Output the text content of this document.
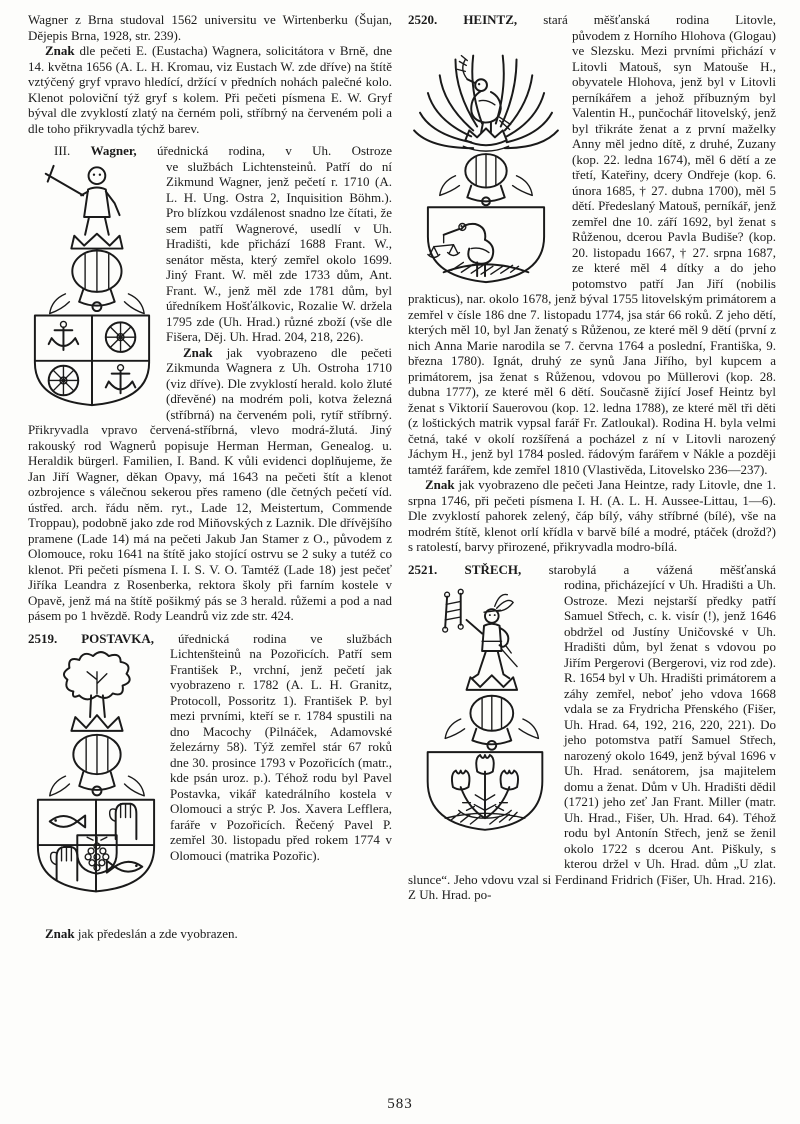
Wagner z Brna studoval 1562 universitu ve Wirtenberku (Šujan, Dějepis Brna, 1928, str. 239).

Znak dle pečeti E. (Eustacha) Wagnera, solicitátora v Brně, dne 14. května 1656 (A. L. H. Kromau, viz Eustach W. zde dříve) na štítě vztýčený gryf vpravo hledící, držící v předních nohách palečné kolo. Klenot poloviční týž gryf s kolem. Při pečeti písmena E. W. Gryf býval dle zvyklostí zlatý na černém poli, stříbrný na červeném poli a dle toho přikryvadla týchž barev.

III. Wagner, úřednická rodina, v Uh. Ostroze

ve službách Lichtensteinů. Patří do ní Zikmund Wagner, jenž pečetí r. 1710 (A. L. H. Ung. Ostra 2, Inquisition Böhm.). Pro blízkou vzdálenost snadno lze čítati, že sem patří Wagnerové, usedlí v Uh. Hradišti, kde přichází 1688 Frant. W., senátor města, který zemřel okolo 1699. Jiný Frant. W. měl zde 1733 dům, Ant. Frant. W., jenž měl zde 1781 dům, byl úředníkem Hošťálkovic, Rozalie W. držela 1795 zde (Uh. Hrad.) různé zboží (vše dle Fišera, Děj. Uh. Hrad. 204, 218, 226).

Znak jak vyobrazeno dle pečeti Zikmunda Wagnera z Uh. Ostroha 1710 (viz dříve). Dle zvyklostí herald. kolo žluté (dřevěné) na modrém poli, kotva železná (stříbrná) na červeném poli, rytíř stříbrný. Přikryvadla vpravo červená-stříbrná, vlevo modrá-žlutá. Jiný rakouský rod Wagnerů popisuje Herman Herman, Genealog. u. Heraldik bürgerl. Familien, I. Band. K vůli evidenci doplňujeme, že Jan Jiří Wagner, děkan Opavy, má 1643 na pečeti štít a klenot ozbrojence s válečnou sekerou přes rameno (dle četných pečetí víd. ústřed. arch. řádu něm. ryt., Lade 12, Meistertum, Commende Troppau), podobně jako zde rod Miňovských z Laznik. Dle dřívějšího pramene (Lade 14) má na pečeti Jakub Jan Stamer z O., původem z Olomouce, roku 1641 na štítě jako stojící ostrvu se 2 suky a tutéž co klenot. Při pečeti písmena I. I. S. V. O. Tamtéž (Lade 18) jest pečeť Jiříka Leandra z Rosenberka, rektora školy při farním kostele v Opavě, jenž má na štítě pošikmý pás se 3 herald. růžemi a pod a nad pásem po 1 hvězdě. Rody Leandrů viz zde str. 424.

2519. POSTAVKA, úřednická rodina ve službách

Lichtenšteinů na Pozořicích. Patří sem František P., vrchní, jenž pečetí jak vyobrazeno r. 1782 (A. L. H. Granitz, Protocoll, Possoritz 1). František P. byl mezi prvními, kteří se r. 1784 spustili na dno Macochy (Pilnáček, Adamovské železárny 58). Týž zemřel stár 67 roků dne 30. prosince 1793 v Pozořicích (matr., kde psán uroz. p.). Téhož rodu byl Pavel Postavka, vikář katedrálního kostela v Olomouci a strýc P. Jos. Xavera Lefflera, faráře v Pozořicích. Řečený Pavel P. zemřel 30. listopadu před rokem 1774 v Olomouci (matrika Pozořic).

Znak jak předeslán a zde vyobrazen.

2520. HEINTZ, stará měšťanská rodina Litovle,

původem z Horního Hlohova (Glogau) ve Slezsku. Mezi prvními přichází v Litovli Matouš, syn Matouše H., obyvatele Hlohova, jenž byl v Litovli perníkářem a jehož příbuzným byl Valentin H., punčochář litovelský, jenž byl třikráte ženat a z první maželky Anny měl jedno dítě, z druhé, Zuzany (kop. 22. ledna 1674), měl 6 dětí a ze třetí, Kateřiny, dcery Ondřeje (kop. 6. února 1685, † 27. dubna 1700), měl 5 dětí. Předeslaný Matouš, perníkář, jenž zemřel dne 10. září 1692, byl ženat s Růženou, dcerou Pavla Budiše? (kop. 20. listopadu 1667, † 27. srpna 1687, ze které měl 4 dítky a do jeho potomstvo patří Jan Jiří (nobilis prakticus), nar. okolo 1678, jenž býval 1755 litovelským primátorem a zemřel v čísle 186 dne 7. listopadu 1774, jsa stár 66 roků. Z jeho dětí, kterých měl 10, byl Jan ženatý s Růženou, ze které měl 9 dětí (první z nich Anna Marie narodila se 7. června 1764 a poslední, Františka, 9. března 1780). Ignát, druhý ze synů Jana Jiřího, byl kupcem a primátorem, jsa ženat s Růženou, vdovou po Müllerovi (kop. 28. dubna 1777), ze které měl 6 dětí. Současně žijící Josef Heintz byl ženat s Viktorií Sauerovou (kop. 12. ledna 1788), ze které měl tři děti (z loštických matrik vypsal farář Fr. Zatloukal). Rodina H. byla velmi četná, také v okolí rozšířená a pocházel z ní v Litovli narozený Jáchym H., jenž byl 1784 posled. řádovým farářem v Nákle a později tamtéž farářem, kde zemřel 1810 (Vlastivěda, Litovelsko 236—237).

Znak jak vyobrazeno dle pečeti Jana Heintze, rady Litovle, dne 1. srpna 1746, při pečeti písmena I. H. (A. L. H. Aussee-Littau, 1—6). Dle zvyklostí pahorek zelený, čáp bílý, váhy stříbrné (bílé), vše na modrém štítě, klenot orlí křídla v barvě bílé a modré, ptáček (drožd?) s ratolestí, barvy přirozené, přikryvadla modro-bílá.

2521. STŘECH, starobylá a vážená měšťanská

rodina, přicházející v Uh. Hradišti a Uh. Ostroze. Mezi nejstarší předky patří Samuel Střech, c. k. visír (!), jenž 1646 obdržel od Justíny Uničovské v Uh. Hradišti dům, byl ženat s vdovou po Jiřím Pergerovi (Bergerovi, viz rod zde). R. 1654 byl v Uh. Hradišti primátorem a záhy zemřel, neboť jeho vdova 1668 vdala se za Frydricha Přenského (Fišer, Uh. Hrad. 64, 192, 216, 220, 221). Do jeho potomstva patří Samuel Střech, narozený okolo 1649, jenž býval 1696 v Uh. Hrad. senátorem, jsa majitelem domu a ženat. Dům v Uh. Hradišti dědil (1721) jeho zeť Jan Frant. Miller (matr. Uh. Hrad., Fišer, Uh. Hrad. 64). Téhož rodu byl Antonín Střech, jenž se ženil okolo 1722 s dcerou Ant. Piškuly, s kterou držel v Uh. Hrad. dům „U zlat. slunce“. Jeho vdovu vzal si Ferdinand Fridrich (Fišer, Uh. Hrad. 216). Z Uh. Hrad. po-

583
